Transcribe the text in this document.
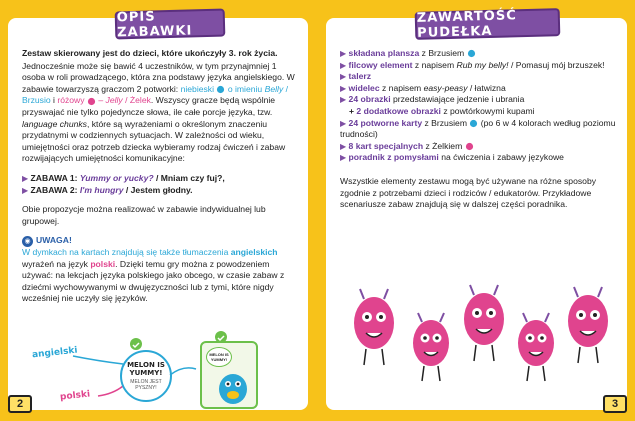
Zestaw skierowany jest do dzieci, które ukończyły 3. rok życia.
Jednocześnie może się bawić 4 uczestników, w tym przynajmniej 1 osoba w roli prowadzącego, która zna podstawy języka angielskiego. W zabawie towarzyszą graczom 2 potworki: niebieski o imieniu Belly / Brzusio i różowy – Jelly / Żelek. Wszyscy gracze będą wspólnie przyswajać nie tylko pojedyncze słowa, ile całe porcje języka, tzw. language chunks, które są wyrażeniami o określonym znaczeniu przydatnymi w codziennych sytuacjach. W zależności od wieku, umiejętności oraz potrzeb dziecka wybieramy rodzaj ćwiczeń i zabaw rozwijających umiejętności komunikacyjne:
▶ ZABAWA 1: Yummy or yucky? / Mniam czy fuj?,
▶ ZABAWA 2: I'm hungry / Jestem głodny.
Obie propozycje można realizować w zabawie indywidualnej lub grupowej.
◉ UWAGA!
W dymkach na kartach znajdują się także tłumaczenia angielskich wyrażeń na język polski. Dzięki temu gry można z powodzeniem używać: na lekcjach języka polskiego jako obcego, w czasie zabaw z dziećmi wychowywanymi w dwujęzyczności lub z tymi, które nigdy wcześniej nie uczyły się języków.
angielski
polski
MELON IS YUMMY!
MELON JEST PYSZNY!
MELON IS YUMMY!
▶ składana plansza z Brzusiem
▶ filcowy element z napisem Rub my belly! / Pomasuj mój brzuszek!
▶ talerz
▶ widelec z napisem easy-peasy / łatwizna
▶ 24 obrazki przedstawiające jedzenie i ubrania
+ 2 dodatkowe obrazki z powtórkowymi kupami
▶ 24 potworne karty z Brzusiem  (po 6 w 4 kolorach według poziomu trudności)
▶ 8 kart specjalnych z Żelkiem
▶ poradnik z pomysłami na ćwiczenia i zabawy językowe
Wszystkie elementy zestawu mogą być używane na różne sposoby zgodnie z potrzebami dzieci i rodziców / edukatorów. Przykładowe scenariusze zabaw znajdują się w dalszej części poradnika.
OPIS ZABAWKI
ZAWARTOŚĆ PUDEŁKA
2	3
